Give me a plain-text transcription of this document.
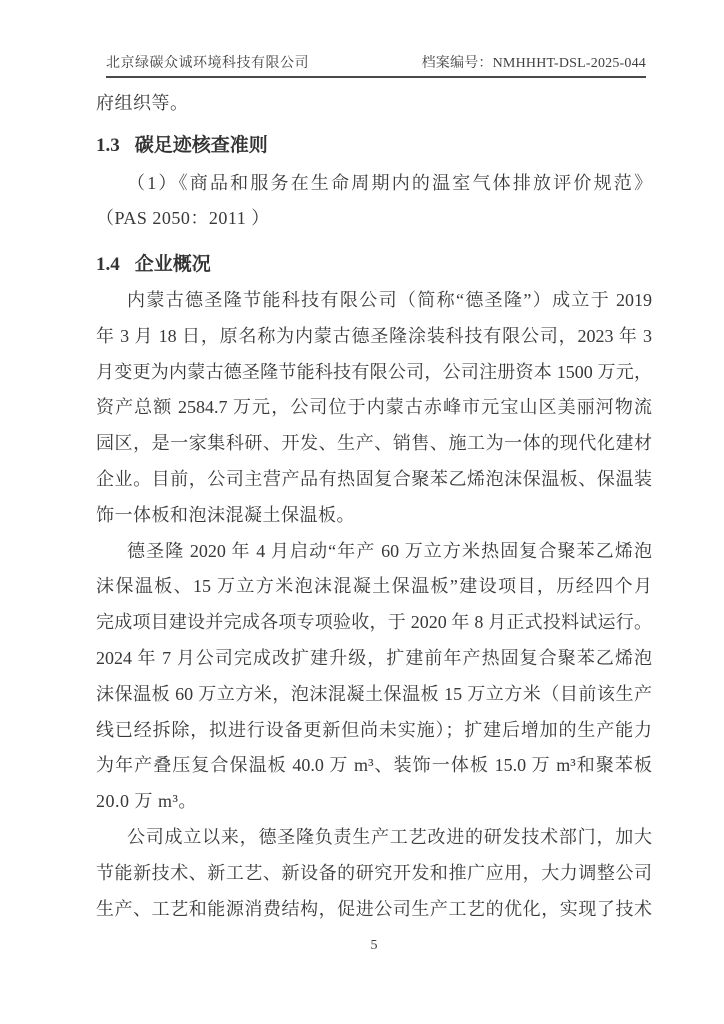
北京绿碳众诚环境科技有限公司	档案编号：NMHHHT-DSL-2025-044
府组织等。
1.3 碳足迹核查准则
（1）《商品和服务在生命周期内的温室气体排放评价规范》
（PAS 2050：2011 ）
1.4 企业概况
内蒙古德圣隆节能科技有限公司（简称“德圣隆”）成立于 2019
年 3 月 18 日，原名称为内蒙古德圣隆涂装科技有限公司，2023 年 3
月变更为内蒙古德圣隆节能科技有限公司，公司注册资本 1500 万元，
资产总额 2584.7 万元，公司位于内蒙古赤峰市元宝山区美丽河物流
园区，是一家集科研、开发、生产、销售、施工为一体的现代化建材
企业。目前，公司主营产品有热固复合聚苯乙烯泡沫保温板、保温装
饰一体板和泡沫混凝土保温板。
德圣隆 2020 年 4 月启动“年产 60 万立方米热固复合聚苯乙烯泡
沫保温板、15 万立方米泡沫混凝土保温板”建设项目，历经四个月
完成项目建设并完成各项专项验收，于 2020 年 8 月正式投料试运行。
2024 年 7 月公司完成改扩建升级，扩建前年产热固复合聚苯乙烯泡
沫保温板 60 万立方米，泡沫混凝土保温板 15 万立方米（目前该生产
线已经拆除，拟进行设备更新但尚未实施）；扩建后增加的生产能力
为年产叠压复合保温板 40.0 万 m³、装饰一体板 15.0 万 m³和聚苯板
20.0 万 m³。
公司成立以来，德圣隆负责生产工艺改进的研发技术部门，加大
节能新技术、新工艺、新设备的研究开发和推广应用，大力调整公司
生产、工艺和能源消费结构，促进公司生产工艺的优化，实现了技术
5
